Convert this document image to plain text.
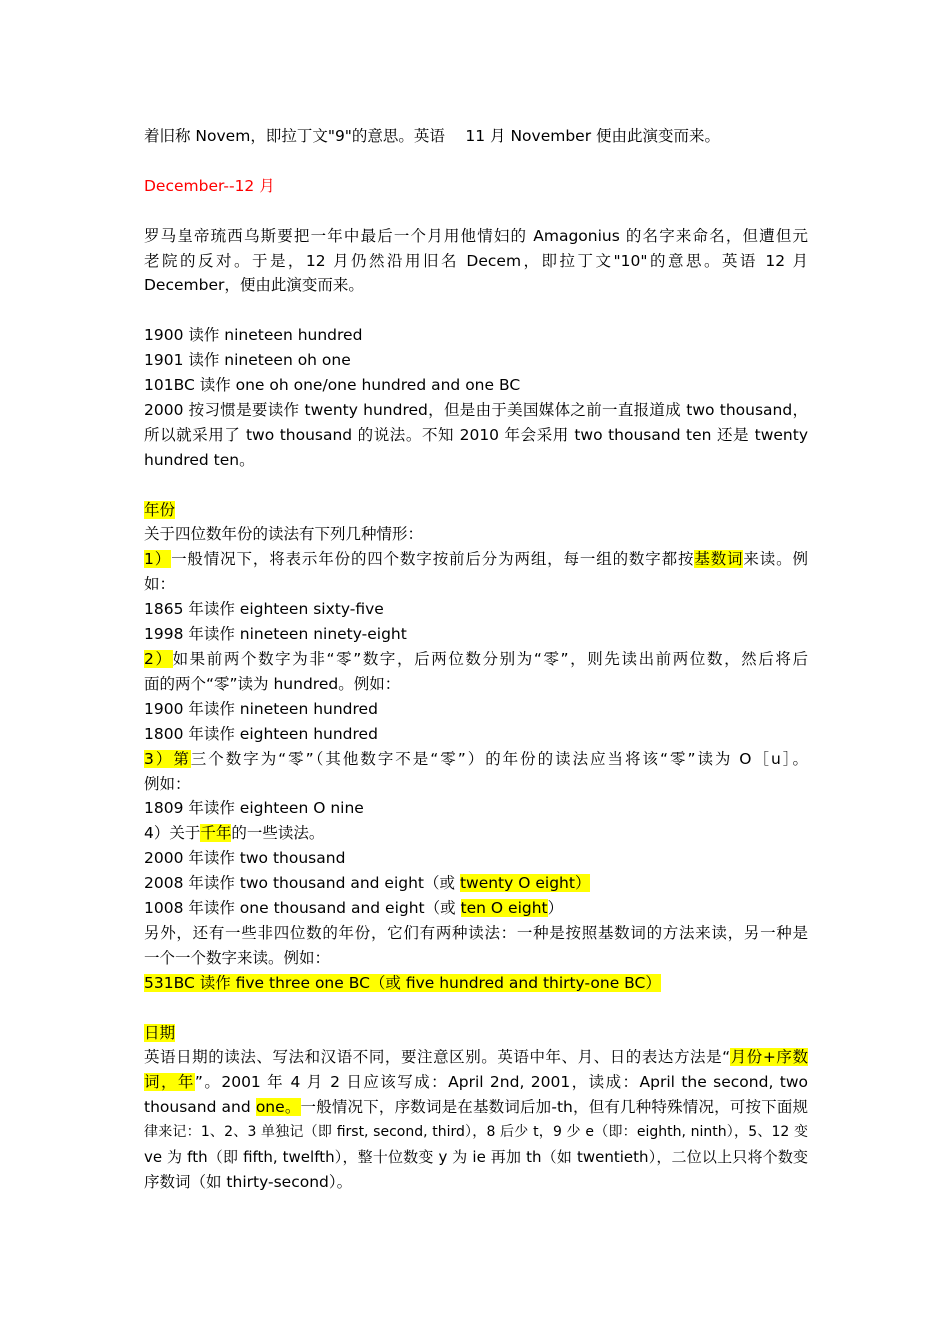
着旧称 Novem，即拉丁文"9"的意思。英语　 11 月 November 便由此演变而来。
December--12 月
罗马皇帝琉西乌斯要把一年中最后一个月用他情妇的 Amagonius 的名字来命名，但遭但元
老院的反对。于是，12 月仍然沿用旧名 Decem，即拉丁文"10"的意思。英语 12 月
December，便由此演变而来。
1900 读作 nineteen hundred
1901 读作 nineteen oh one
101BC 读作 one oh one/one hundred and one BC
2000 按习惯是要读作 twenty hundred，但是由于美国媒体之前一直报道成 two thousand，
所以就采用了 two thousand 的说法。不知 2010 年会采用 two thousand ten 还是 twenty
hundred ten。
年份
关于四位数年份的读法有下列几种情形：
1）一般情况下，将表示年份的四个数字按前后分为两组，每一组的数字都按基数词来读。例
如：
1865 年读作 eighteen sixty-five
1998 年读作 nineteen ninety-eight
2）如果前两个数字为非“零”数字，后两位数分别为“零”，则先读出前两位数，然后将后
面的两个“零”读为 hundred。例如：
1900 年读作 nineteen hundred
1800 年读作 eighteen hundred
3）第三个数字为“零”（其他数字不是“零”）的年份的读法应当将该“零”读为 O［u］。
例如：
1809 年读作 eighteen O nine
4）关于千年的一些读法。
2000 年读作 two thousand
2008 年读作 two thousand and eight（或 twenty O eight）
1008 年读作 one thousand and eight（或 ten O eight）
另外，还有一些非四位数的年份，它们有两种读法：一种是按照基数词的方法来读，另一种是
一个一个数字来读。例如：
531BC 读作 five three one BC（或 five hundred and thirty-one BC）
日期
英语日期的读法、写法和汉语不同，要注意区别。英语中年、月、日的表达方法是“月份+序数
词，年”。2001 年 4 月 2 日应该写成：April 2nd, 2001，读成：April the second, two
thousand and one。一般情况下，序数词是在基数词后加-th，但有几种特殊情况，可按下面规
律来记：1、2、3 单独记（即 first, second, third），8 后少 t，9 少 e（即：eighth, ninth），5、12 变
ve 为 fth（即 fifth, twelfth），整十位数变 y 为 ie 再加 th（如 twentieth），二位以上只将个数变
序数词（如 thirty-second）。
